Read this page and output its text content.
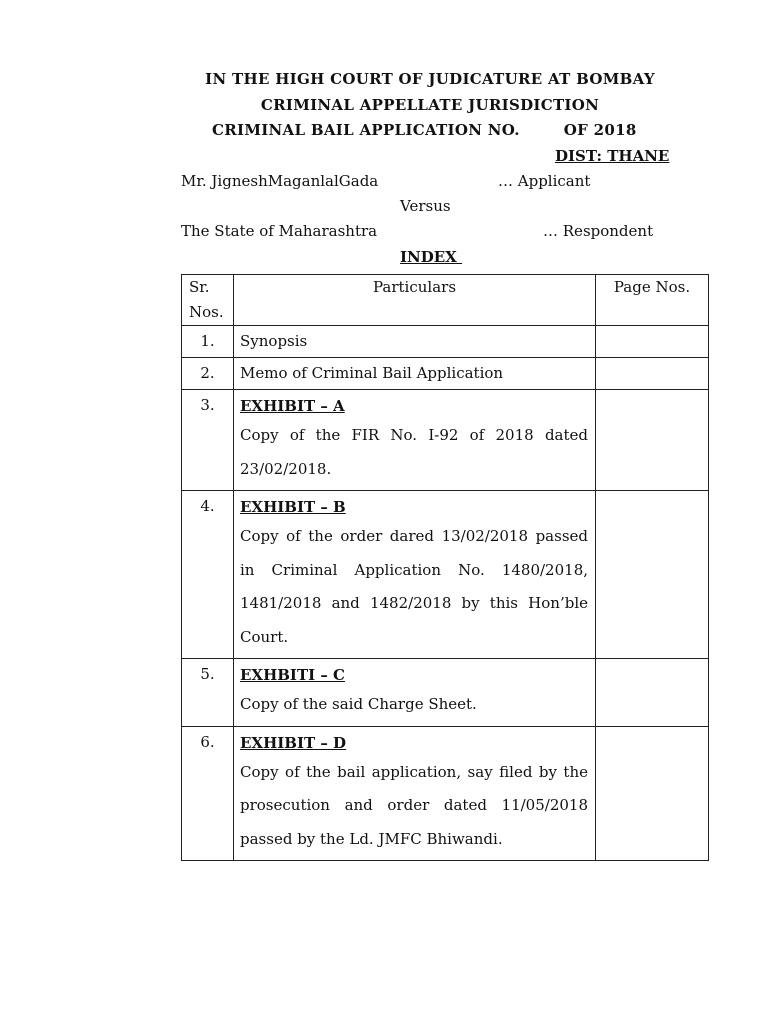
IN THE HIGH COURT OF JUDICATURE AT BOMBAY
CRIMINAL APPELLATE JURISDICTION
CRIMINAL BAIL APPLICATION NO.	OF 2018
DIST: THANE
Mr. JigneshMaganlalGada	… Applicant
Versus
The State of Maharashtra	… Respondent
INDEX
Sr.
Nos.	Particulars	Page Nos.
1.	Synopsis	
2.	Memo of Criminal Bail Application	
3.	EXHIBIT – A
Copy of the FIR No. I-92 of 2018 dated 23/02/2018.	

4.	EXHIBIT – B
Copy of the order dared 13/02/2018 passed in Criminal Application No. 1480/2018, 1481/2018 and 1482/2018 by this Hon’ble Court.	

5.	EXHBITI – C
Copy of the said Charge Sheet.	

6.	EXHIBIT – D
Copy of the bail application, say filed by the prosecution and order dated 11/05/2018 passed by the Ld. JMFC Bhiwandi.	
